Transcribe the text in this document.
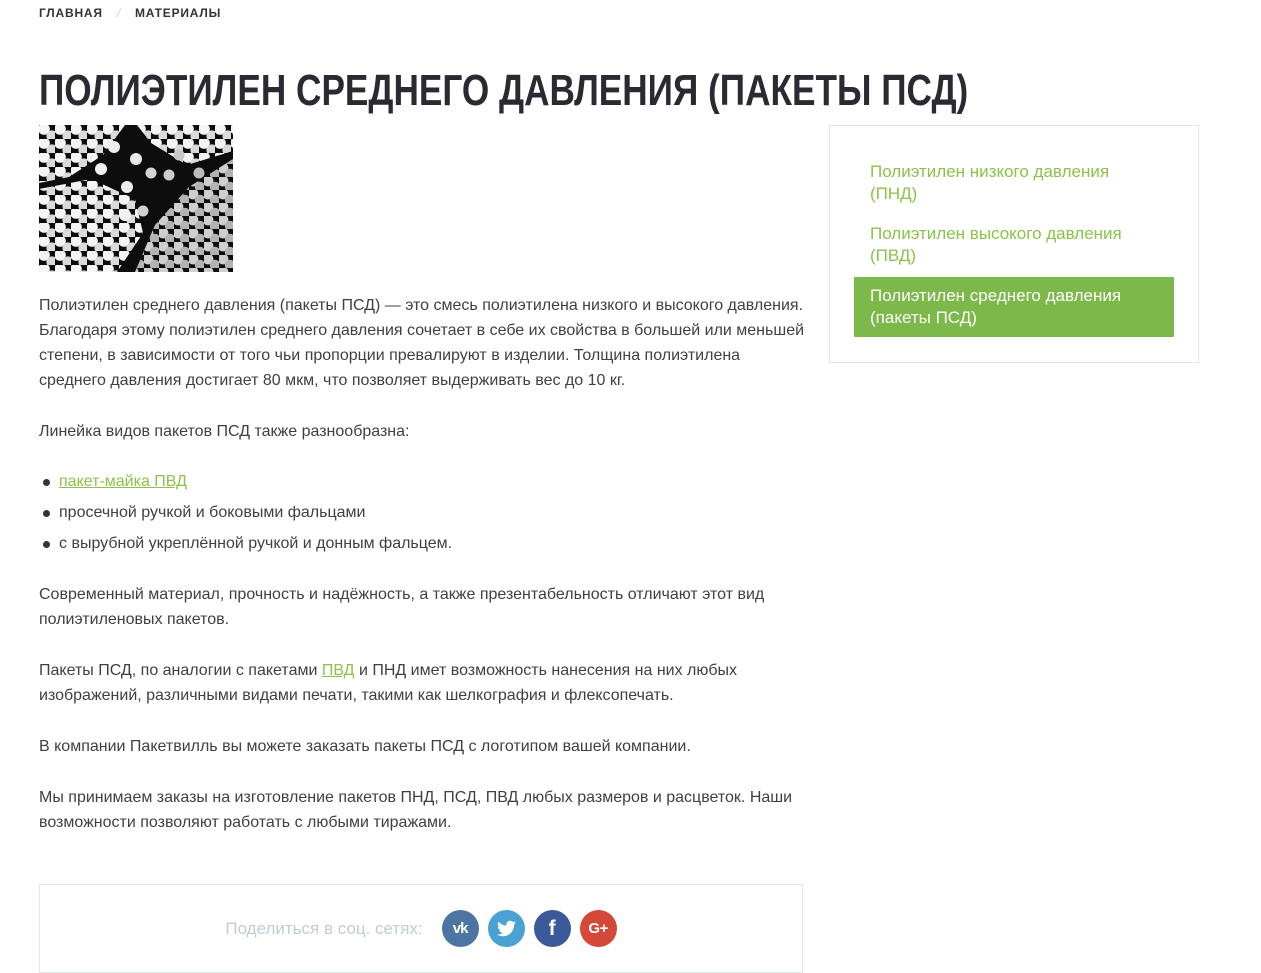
ГЛАВНАЯ / МАТЕРИАЛЫ
ПОЛИЭТИЛЕН СРЕДНЕГО ДАВЛЕНИЯ (ПАКЕТЫ ПСД)

Полиэтилен среднего давления (пакеты ПСД) — это смесь полиэтилена низкого и высокого давления. Благодаря этому полиэтилен среднего давления сочетает в себе их свойства в большей или меньшей степени, в зависимости от того чьи пропорции превалируют в изделии. Толщина полиэтилена среднего давления достигает 80 мкм, что позволяет выдерживать вес до 10 кг.

Линейка видов пакетов ПСД также разнообразна:

пакет-майка ПВД
просечной ручкой и боковыми фальцами
с вырубной укреплённой ручкой и донным фальцем.

Современный материал, прочность и надёжность, а также презентабельность отличают этот вид полиэтиленовых пакетов.

Пакеты ПСД, по аналогии с пакетами ПВД и ПНД имет возможность нанесения на них любых изображений, различными видами печати, такими как шелкография и флексопечать.

В компании Пакетвилль вы можете заказать пакеты ПСД с логотипом вашей компании.

Мы принимаем заказы на изготовление пакетов ПНД, ПСД, ПВД любых размеров и расцветок. Наши возможности позволяют работать с любыми тиражами.

Поделиться в соц. сетях: vk	f G+
Полиэтилен низкого давления (ПНД)
Полиэтилен высокого давления (ПВД)
Полиэтилен среднего давления (пакеты ПСД)
